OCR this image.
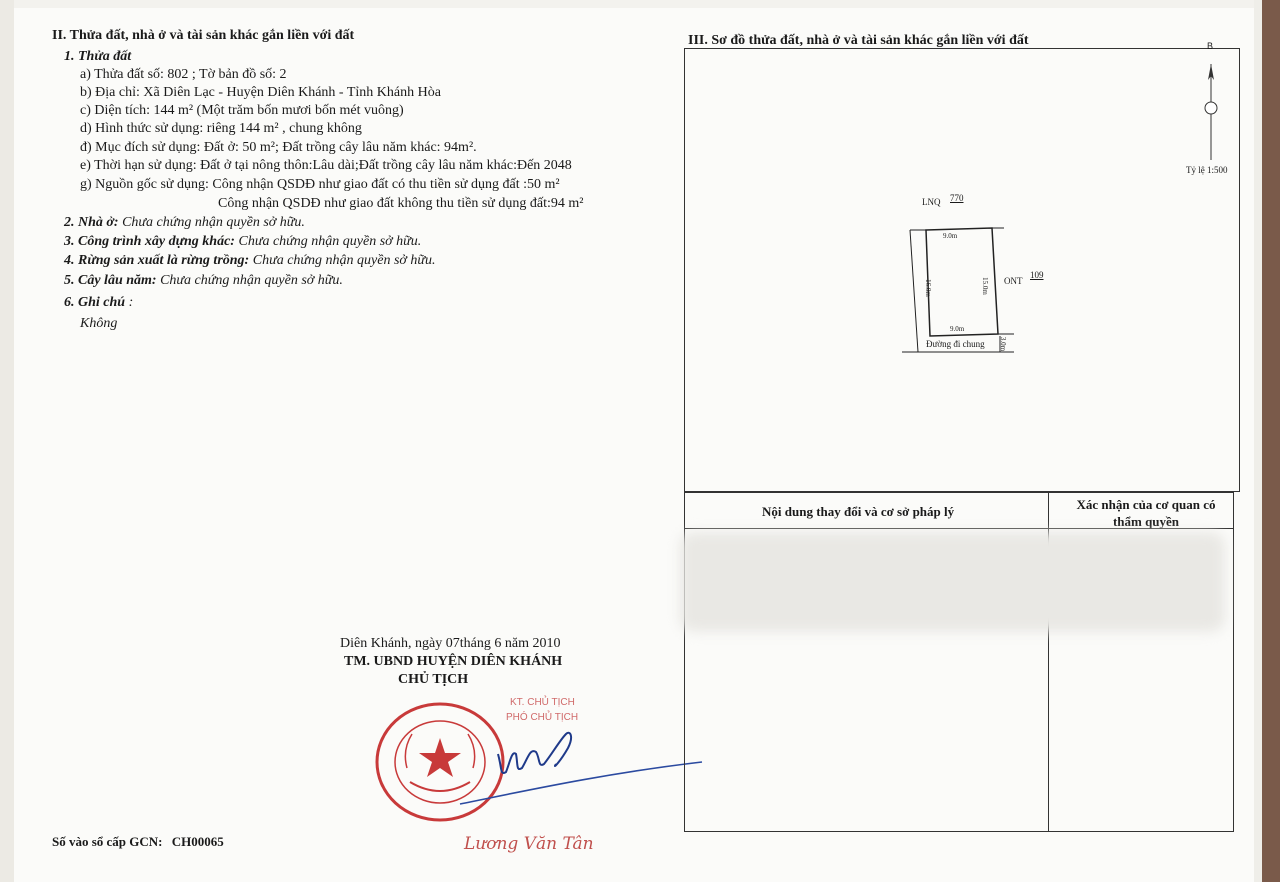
II. Thửa đất, nhà ở và tài sản khác gắn liền với đất
1. Thửa đất
a) Thửa đất số: 802 ; Tờ bản đồ số: 2
b) Địa chỉ: Xã Diên Lạc - Huyện Diên Khánh - Tỉnh Khánh Hòa
c) Diện tích: 144 m² (Một trăm bốn mươi bốn mét vuông)
d) Hình thức sử dụng: riêng 144 m² , chung không
đ) Mục đích sử dụng: Đất ở: 50 m²; Đất trồng cây lâu năm khác: 94m².
e) Thời hạn sử dụng: Đất ở tại nông thôn:Lâu dài;Đất trồng cây lâu năm khác:Đến 2048
g) Nguồn gốc sử dụng: Công nhận QSDĐ như giao đất có thu tiền sử dụng đất :50 m²
Công nhận QSDĐ như giao đất không thu tiền sử dụng đất:94 m²
2. Nhà ở: Chưa chứng nhận quyền sở hữu.
3. Công trình xây dựng khác: Chưa chứng nhận quyền sở hữu.
4. Rừng sản xuất là rừng trồng: Chưa chứng nhận quyền sở hữu.
5. Cây lâu năm: Chưa chứng nhận quyền sở hữu.
6. Ghi chú :
Không
Diên Khánh, ngày 07tháng 6 năm 2010
TM. UBND HUYỆN DIÊN KHÁNH
CHỦ TỊCH
KT. CHỦ TỊCH
PHÓ CHỦ TỊCH
Lương Văn Tân
Số vào sổ cấp GCN: CH00065
III. Sơ đồ thửa đất, nhà ở và tài sản khác gắn liền với đất	B
Tỷ lệ 1:500
LNQ 770
ONT
109
9.0m
9.0m
16.0m	15.0m
3.0m
Đường đi chung
Nội dung thay đổi và cơ sở pháp lý	Xác nhận của cơ quan có thẩm quyền
